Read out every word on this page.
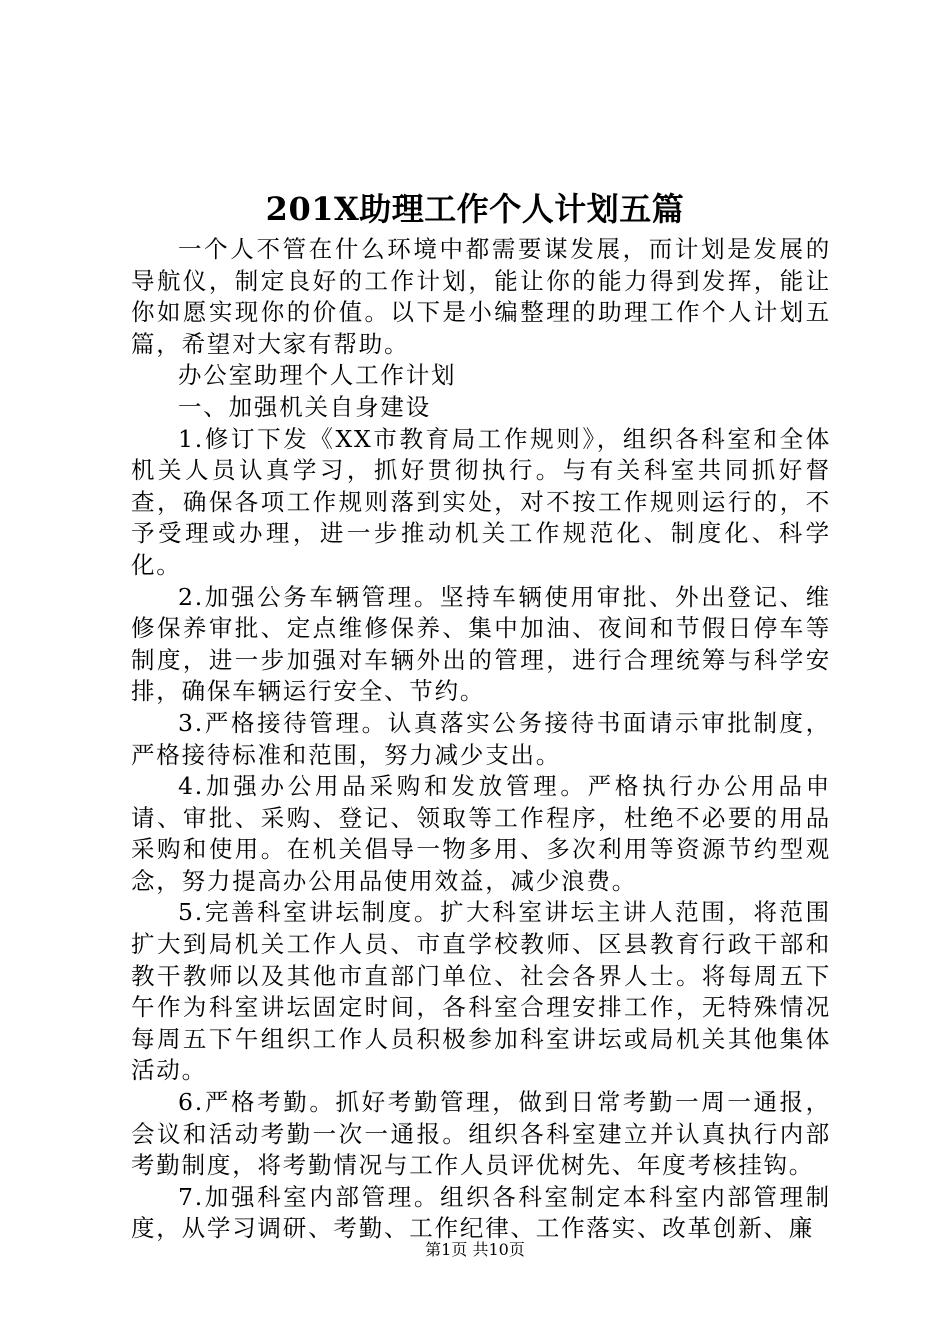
201X助理工作个人计划五篇

一个人不管在什么环境中都需要谋发展，而计划是发展的导航仪，制定良好的工作计划，能让你的能力得到发挥，能让你如愿实现你的价值。以下是小编整理的助理工作个人计划五篇，希望对大家有帮助。

办公室助理个人工作计划

一、加强机关自身建设

1.修订下发《XX市教育局工作规则》，组织各科室和全体机关人员认真学习，抓好贯彻执行。与有关科室共同抓好督查，确保各项工作规则落到实处，对不按工作规则运行的，不予受理或办理，进一步推动机关工作规范化、制度化、科学化。

2.加强公务车辆管理。坚持车辆使用审批、外出登记、维修保养审批、定点维修保养、集中加油、夜间和节假日停车等制度，进一步加强对车辆外出的管理，进行合理统筹与科学安排，确保车辆运行安全、节约。

3.严格接待管理。认真落实公务接待书面请示审批制度，严格接待标准和范围，努力减少支出。

4.加强办公用品采购和发放管理。严格执行办公用品申请、审批、采购、登记、领取等工作程序，杜绝不必要的用品采购和使用。在机关倡导一物多用、多次利用等资源节约型观念，努力提高办公用品使用效益，减少浪费。

5.完善科室讲坛制度。扩大科室讲坛主讲人范围，将范围扩大到局机关工作人员、市直学校教师、区县教育行政干部和教干教师以及其他市直部门单位、社会各界人士。将每周五下午作为科室讲坛固定时间，各科室合理安排工作，无特殊情况每周五下午组织工作人员积极参加科室讲坛或局机关其他集体活动。

6.严格考勤。抓好考勤管理，做到日常考勤一周一通报，会议和活动考勤一次一通报。组织各科室建立并认真执行内部考勤制度，将考勤情况与工作人员评优树先、年度考核挂钩。

7.加强科室内部管理。组织各科室制定本科室内部管理制度，从学习调研、考勤、工作纪律、工作落实、改革创新、廉

第1页 共10页
